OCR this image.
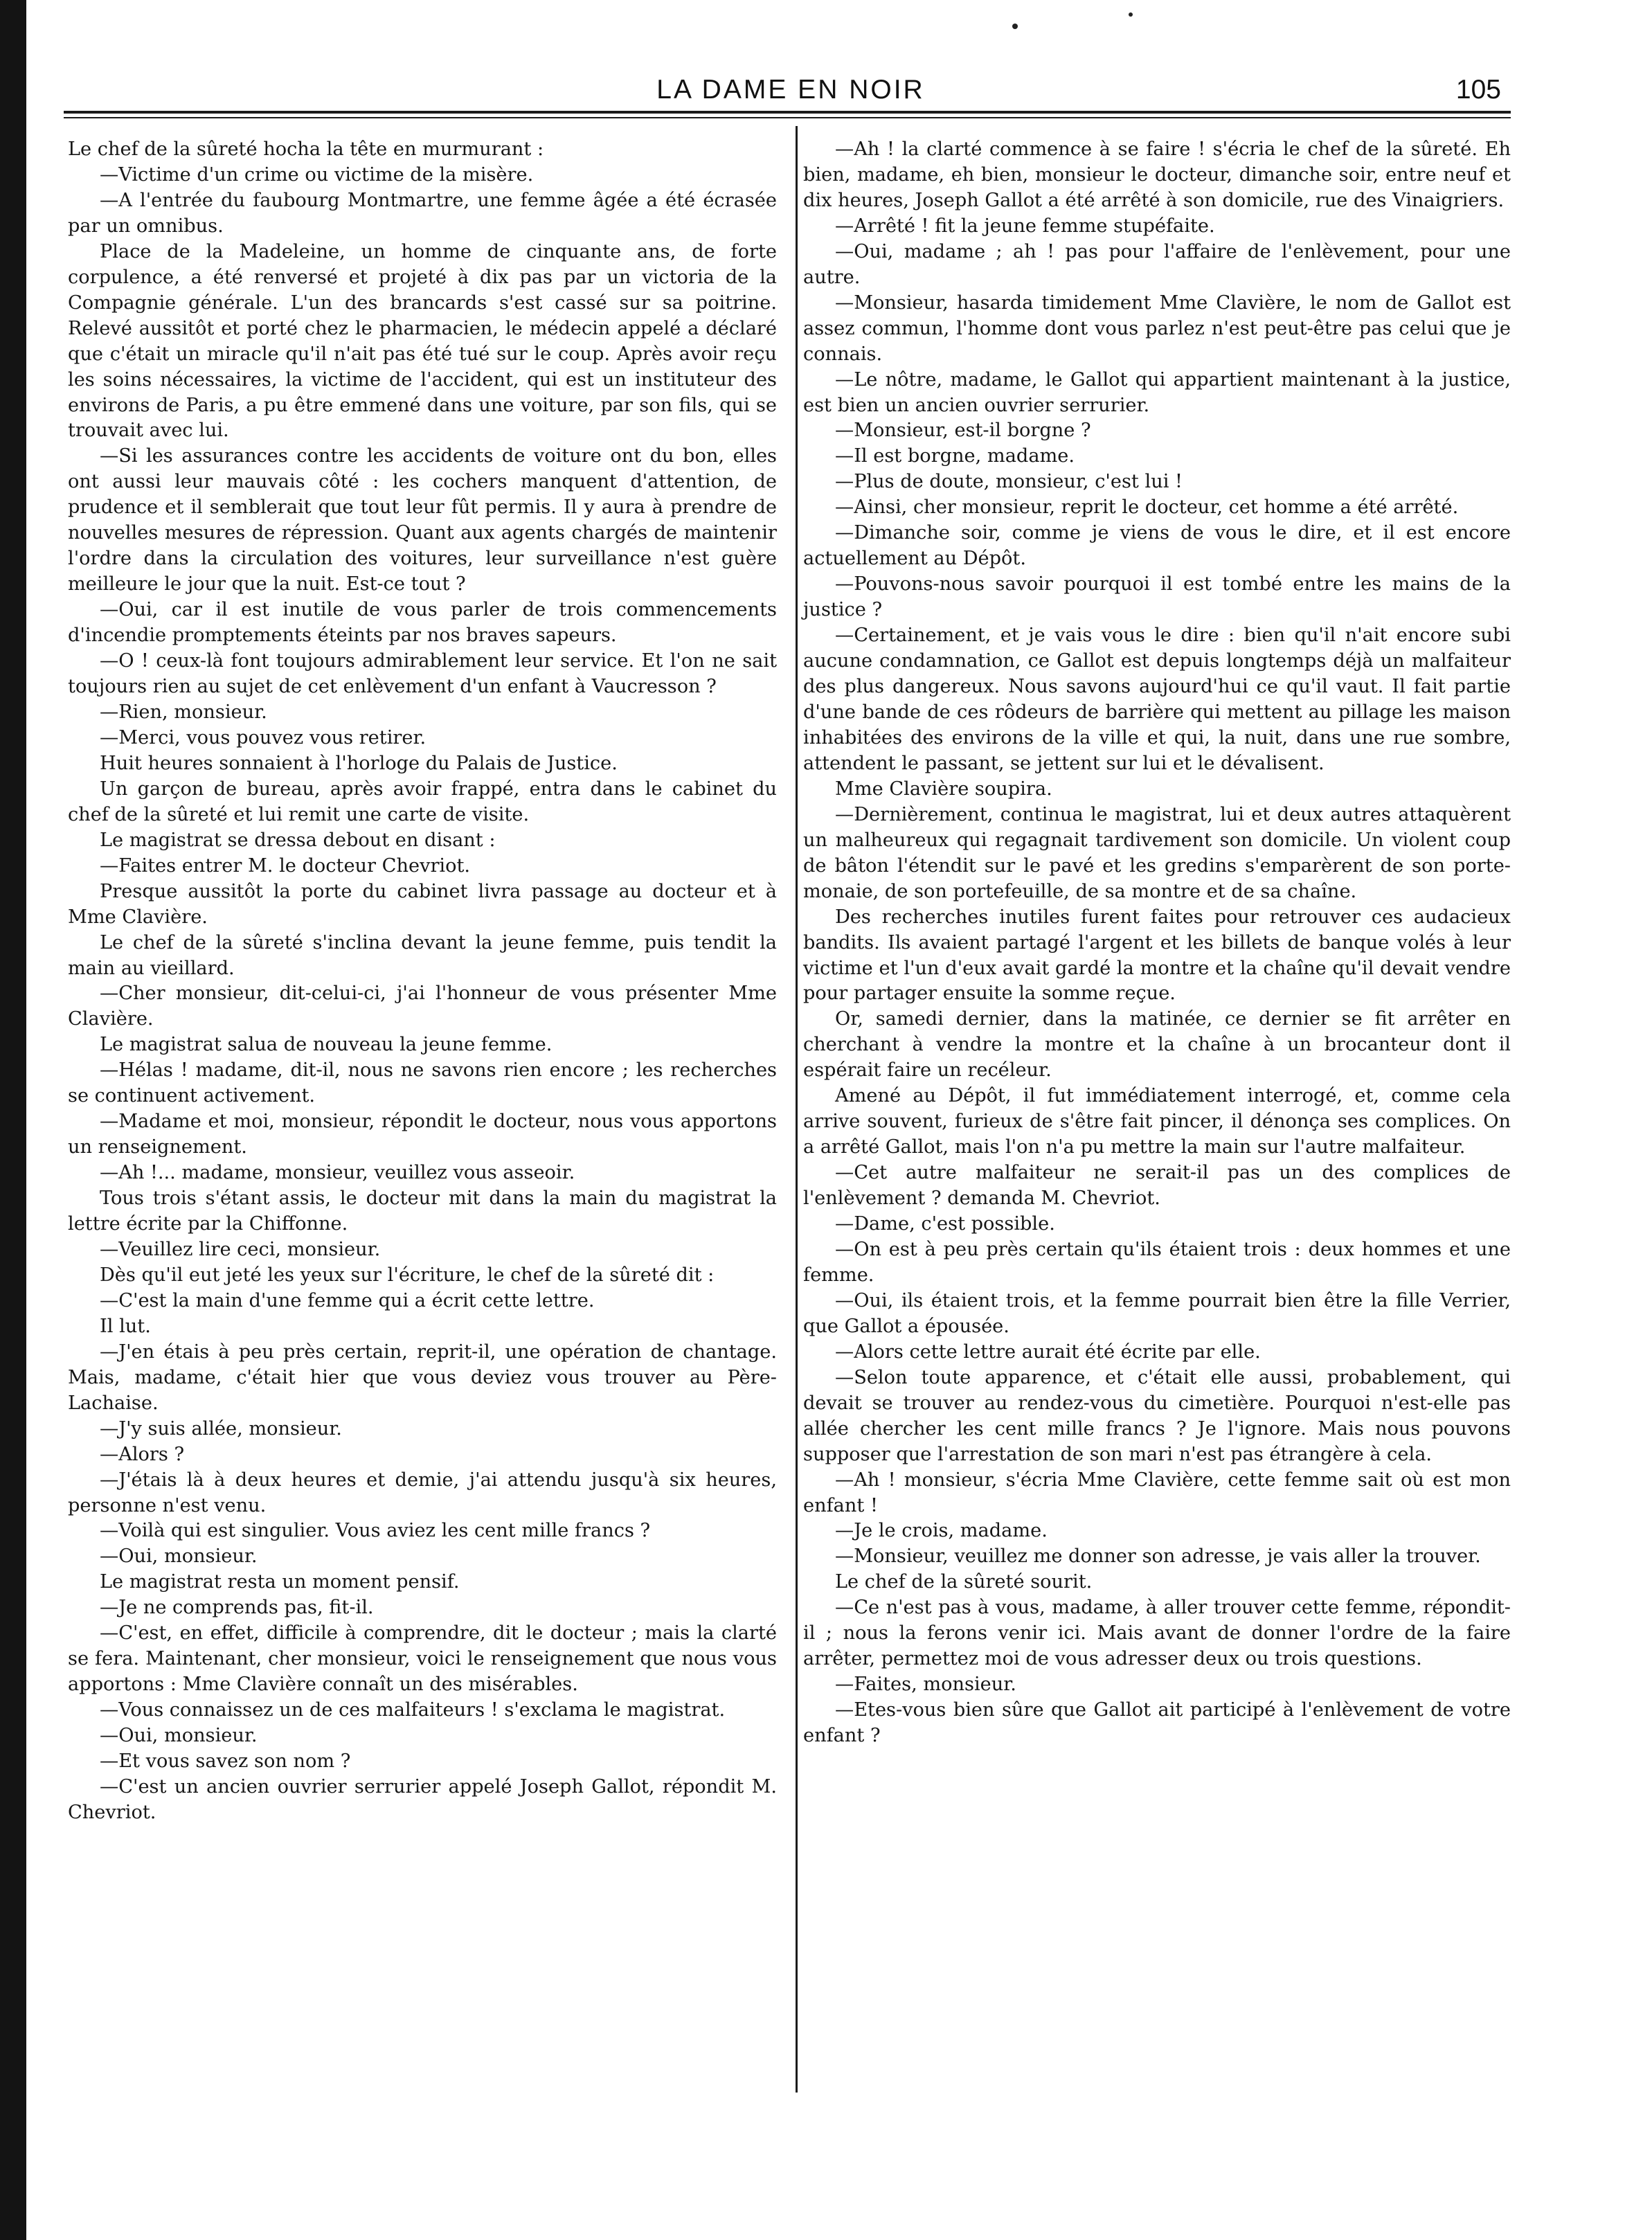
LA DAME EN NOIR	105

Le chef de la sûreté hocha la tête en murmurant :

—Victime d'un crime ou victime de la misère.

—A l'entrée du faubourg Montmartre, une femme âgée a été écrasée par un omnibus.

Place de la Madeleine, un homme de cinquante ans, de forte corpulence, a été renversé et projeté à dix pas par un victoria de la Compagnie générale. L'un des brancards s'est cassé sur sa poitrine. Relevé aussitôt et porté chez le pharmacien, le médecin appelé a déclaré que c'était un miracle qu'il n'ait pas été tué sur le coup. Après avoir reçu les soins nécessaires, la victime de l'accident, qui est un instituteur des environs de Paris, a pu être emmené dans une voiture, par son fils, qui se trouvait avec lui.

—Si les assurances contre les accidents de voiture ont du bon, elles ont aussi leur mauvais côté : les cochers manquent d'attention, de prudence et il semblerait que tout leur fût permis. Il y aura à prendre de nouvelles mesures de répression. Quant aux agents chargés de maintenir l'ordre dans la circulation des voitures, leur surveillance n'est guère meilleure le jour que la nuit. Est-ce tout ?

—Oui, car il est inutile de vous parler de trois commencements d'incendie promptements éteints par nos braves sapeurs.

—O ! ceux-là font toujours admirablement leur service. Et l'on ne sait toujours rien au sujet de cet enlèvement d'un enfant à Vaucresson ?

—Rien, monsieur.

—Merci, vous pouvez vous retirer.

Huit heures sonnaient à l'horloge du Palais de Justice.

Un garçon de bureau, après avoir frappé, entra dans le cabinet du chef de la sûreté et lui remit une carte de visite.

Le magistrat se dressa debout en disant :

—Faites entrer M. le docteur Chevriot.

Presque aussitôt la porte du cabinet livra passage au docteur et à Mme Clavière.

Le chef de la sûreté s'inclina devant la jeune femme, puis tendit la main au vieillard.

—Cher monsieur, dit-celui-ci, j'ai l'honneur de vous présenter Mme Clavière.

Le magistrat salua de nouveau la jeune femme.

—Hélas ! madame, dit-il, nous ne savons rien encore ; les recherches se continuent activement.

—Madame et moi, monsieur, répondit le docteur, nous vous apportons un renseignement.

—Ah !... madame, monsieur, veuillez vous asseoir.

Tous trois s'étant assis, le docteur mit dans la main du magistrat la lettre écrite par la Chiffonne.

—Veuillez lire ceci, monsieur.

Dès qu'il eut jeté les yeux sur l'écriture, le chef de la sûreté dit :

—C'est la main d'une femme qui a écrit cette lettre.

Il lut.

—J'en étais à peu près certain, reprit-il, une opération de chantage. Mais, madame, c'était hier que vous deviez vous trouver au Père-Lachaise.

—J'y suis allée, monsieur.

—Alors ?

—J'étais là à deux heures et demie, j'ai attendu jusqu'à six heures, personne n'est venu.

—Voilà qui est singulier. Vous aviez les cent mille francs ?

—Oui, monsieur.

Le magistrat resta un moment pensif.

—Je ne comprends pas, fit-il.

—C'est, en effet, difficile à comprendre, dit le docteur ; mais la clarté se fera. Maintenant, cher monsieur, voici le renseignement que nous vous apportons : Mme Clavière connaît un des misérables.

—Vous connaissez un de ces malfaiteurs ! s'exclama le magistrat.

—Oui, monsieur.

—Et vous savez son nom ?

—C'est un ancien ouvrier serrurier appelé Joseph Gallot, répondit M. Chevriot.

—Ah ! la clarté commence à se faire ! s'écria le chef de la sûreté. Eh bien, madame, eh bien, monsieur le docteur, dimanche soir, entre neuf et dix heures, Joseph Gallot a été arrêté à son domicile, rue des Vinaigriers.

—Arrêté ! fit la jeune femme stupéfaite.

—Oui, madame ; ah ! pas pour l'affaire de l'enlèvement, pour une autre.

—Monsieur, hasarda timidement Mme Clavière, le nom de Gallot est assez commun, l'homme dont vous parlez n'est peut-être pas celui que je connais.

—Le nôtre, madame, le Gallot qui appartient maintenant à la justice, est bien un ancien ouvrier serrurier.

—Monsieur, est-il borgne ?

—Il est borgne, madame.

—Plus de doute, monsieur, c'est lui !

—Ainsi, cher monsieur, reprit le docteur, cet homme a été arrêté.

—Dimanche soir, comme je viens de vous le dire, et il est encore actuellement au Dépôt.

—Pouvons-nous savoir pourquoi il est tombé entre les mains de la justice ?

—Certainement, et je vais vous le dire : bien qu'il n'ait encore subi aucune condamnation, ce Gallot est depuis longtemps déjà un malfaiteur des plus dangereux. Nous savons aujourd'hui ce qu'il vaut. Il fait partie d'une bande de ces rôdeurs de barrière qui mettent au pillage les maison inhabitées des environs de la ville et qui, la nuit, dans une rue sombre, attendent le passant, se jettent sur lui et le dévalisent.

Mme Clavière soupira.

—Dernièrement, continua le magistrat, lui et deux autres attaquèrent un malheureux qui regagnait tardivement son domicile. Un violent coup de bâton l'étendit sur le pavé et les gredins s'emparèrent de son porte-monaie, de son portefeuille, de sa montre et de sa chaîne.

Des recherches inutiles furent faites pour retrouver ces audacieux bandits. Ils avaient partagé l'argent et les billets de banque volés à leur victime et l'un d'eux avait gardé la montre et la chaîne qu'il devait vendre pour partager ensuite la somme reçue.

Or, samedi dernier, dans la matinée, ce dernier se fit arrêter en cherchant à vendre la montre et la chaîne à un brocanteur dont il espérait faire un recéleur.

Amené au Dépôt, il fut immédiatement interrogé, et, comme cela arrive souvent, furieux de s'être fait pincer, il dénonça ses complices. On a arrêté Gallot, mais l'on n'a pu mettre la main sur l'autre malfaiteur.

—Cet autre malfaiteur ne serait-il pas un des complices de l'enlèvement ? demanda M. Chevriot.

—Dame, c'est possible.

—On est à peu près certain qu'ils étaient trois : deux hommes et une femme.

—Oui, ils étaient trois, et la femme pourrait bien être la fille Verrier, que Gallot a épousée.

—Alors cette lettre aurait été écrite par elle.

—Selon toute apparence, et c'était elle aussi, probablement, qui devait se trouver au rendez-vous du cimetière. Pourquoi n'est-elle pas allée chercher les cent mille francs ? Je l'ignore. Mais nous pouvons supposer que l'arrestation de son mari n'est pas étrangère à cela.

—Ah ! monsieur, s'écria Mme Clavière, cette femme sait où est mon enfant !

—Je le crois, madame.

—Monsieur, veuillez me donner son adresse, je vais aller la trouver.

Le chef de la sûreté sourit.

—Ce n'est pas à vous, madame, à aller trouver cette femme, répondit-il ; nous la ferons venir ici. Mais avant de donner l'ordre de la faire arrêter, permettez moi de vous adresser deux ou trois questions.

—Faites, monsieur.

—Etes-vous bien sûre que Gallot ait participé à l'enlèvement de votre enfant ?
